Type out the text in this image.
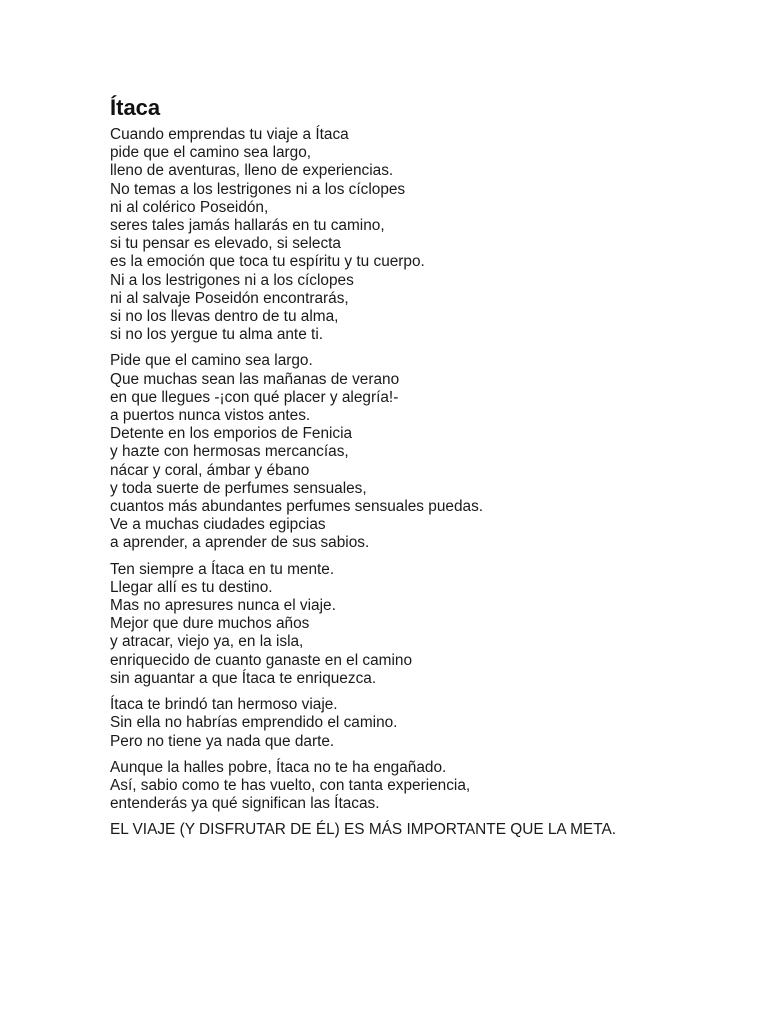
Ítaca
Cuando emprendas tu viaje a Ítaca
pide que el camino sea largo,
lleno de aventuras, lleno de experiencias.
No temas a los lestrigones ni a los cíclopes
ni al colérico Poseidón,
seres tales jamás hallarás en tu camino,
si tu pensar es elevado, si selecta
es la emoción que toca tu espíritu y tu cuerpo.
Ni a los lestrigones ni a los cíclopes
ni al salvaje Poseidón encontrarás,
si no los llevas dentro de tu alma,
si no los yergue tu alma ante ti.
Pide que el camino sea largo.
Que muchas sean las mañanas de verano
en que llegues -¡con qué placer y alegría!-
a puertos nunca vistos antes.
Detente en los emporios de Fenicia
y hazte con hermosas mercancías,
nácar y coral, ámbar y ébano
y toda suerte de perfumes sensuales,
cuantos más abundantes perfumes sensuales puedas.
Ve a muchas ciudades egipcias
a aprender, a aprender de sus sabios.
Ten siempre a Ítaca en tu mente.
Llegar allí es tu destino.
Mas no apresures nunca el viaje.
Mejor que dure muchos años
y atracar, viejo ya, en la isla,
enriquecido de cuanto ganaste en el camino
sin aguantar a que Ítaca te enriquezca.
Ítaca te brindó tan hermoso viaje.
Sin ella no habrías emprendido el camino.
Pero no tiene ya nada que darte.
Aunque la halles pobre, Ítaca no te ha engañado.
Así, sabio como te has vuelto, con tanta experiencia,
entenderás ya qué significan las Ítacas.

EL VIAJE (Y DISFRUTAR DE ÉL) ES MÁS IMPORTANTE QUE LA META.
